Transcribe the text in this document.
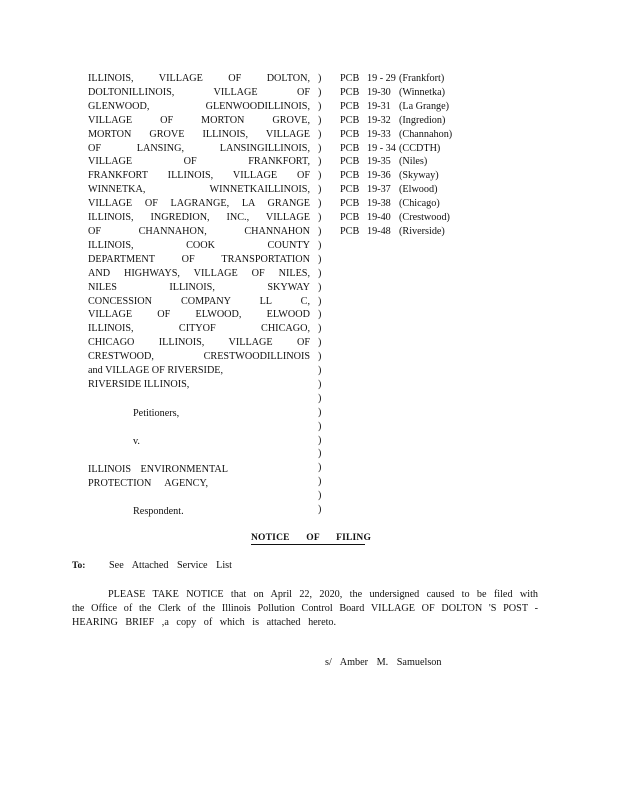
ILLINOIS, VILLAGE OF DOLTON,
DOLTONILLINOIS, VILLAGE OF
GLENWOOD, GLENWOODILLINOIS,
VILLAGE OF MORTON GROVE,
MORTON GROVE ILLINOIS, VILLAGE
OF LANSING, LANSINGILLINOIS,
VILLAGE OF FRANKFORT,
FRANKFORT ILLINOIS, VILLAGE OF
WINNETKA, WINNETKAILLINOIS,
VILLAGE OF LAGRANGE, LA GRANGE
ILLINOIS, INGREDION, INC., VILLAGE
OF CHANNAHON, CHANNAHON
ILLINOIS, COOK COUNTY
DEPARTMENT OF TRANSPORTATION
AND HIGHWAYS, VILLAGE OF NILES,
NILES ILLINOIS, SKYWAY
CONCESSION COMPANY LL C,
VILLAGE OF ELWOOD, ELWOOD
ILLINOIS, CITYOF CHICAGO,
CHICAGO ILLINOIS, VILLAGE OF
CRESTWOOD, CRESTWOODILLINOIS
and VILLAGE OF RIVERSIDE,
RIVERSIDE ILLINOIS,
)
)
)
)
)
)
)
)
)
)
)
)
)
)
)
)
)
)
)
)
)
)
)
)
)
)
)
)
)
)
)
)
PCB 19 - 29 (Frankfort)
PCB 19-30 (Winnetka)
PCB 19-31 (La Grange)
PCB 19-32 (Ingredion)
PCB 19-33 (Channahon)
PCB 19 - 34 (CCDTH)
PCB 19-35 (Niles)
PCB 19-36 (Skyway)
PCB 19-37 (Elwood)
PCB 19-38 (Chicago)
PCB 19-40 (Crestwood)
PCB 19-48 (Riverside)
Petitioners,
v.
ILLINOIS ENVIRONMENTAL
PROTECTION AGENCY,
Respondent.
NOTICE OF FILING
To: See Attached Service List
PLEASE TAKE NOTICE that on April 22, 2020, the undersigned caused to be filed with
the Office of the Clerk of the Illinois Pollution Control Board VILLAGE OF DOLTON 'S POST -
HEARING BRIEF ,a copy of which is attached hereto.
s/ Amber M. Samuelson
